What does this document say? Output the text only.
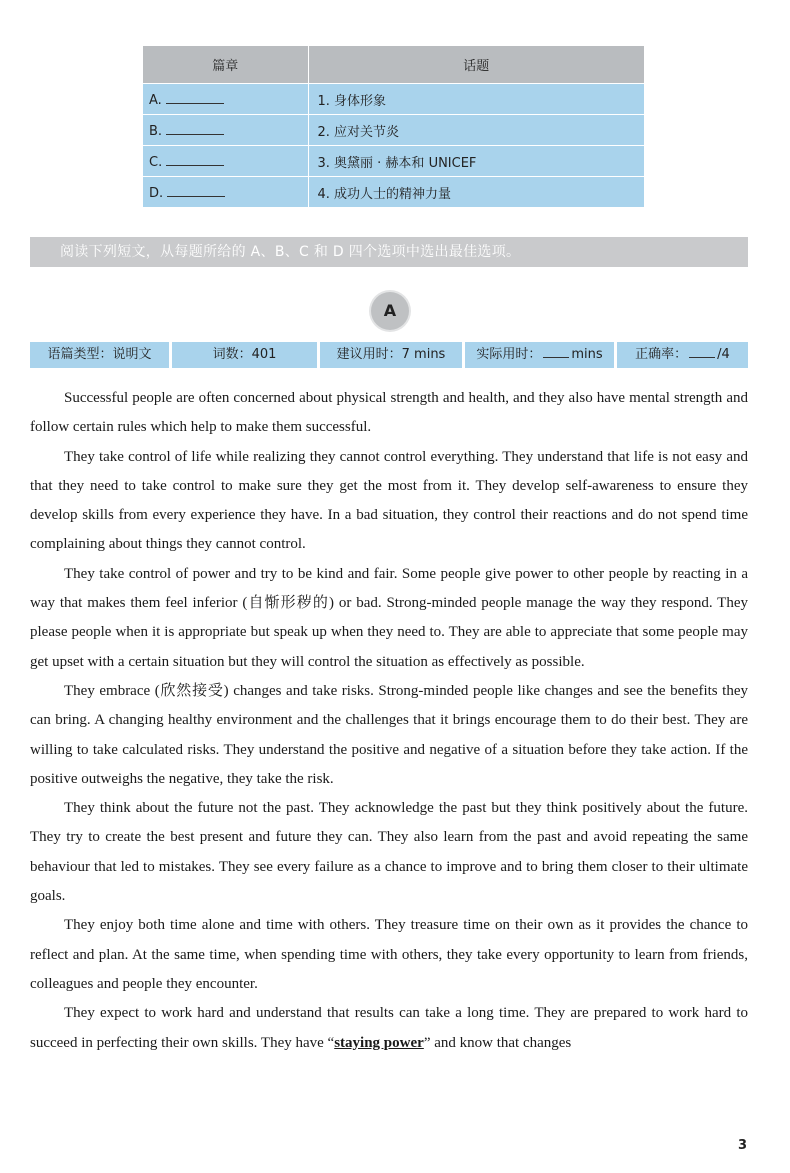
篇章	话题
A.	1. 身体形象
B.	2. 应对关节炎
C.	3. 奥黛丽 · 赫本和 UNICEF
D.	4. 成功人士的精神力量
阅读下列短文，从每题所给的 A、B、C 和 D 四个选项中选出最佳选项。
A
语篇类型：说明文	词数：401	建议用时：7 mins	实际用时： mins	正确率： /4

Successful people are often concerned about physical strength and health, and they also have mental strength and follow certain rules which help to make them successful.

They take control of life while realizing they cannot control everything. They understand that life is not easy and that they need to take control to make sure they get the most from it. They develop self-awareness to ensure they develop skills from every experience they have. In a bad situation, they control their reactions and do not spend time complaining about things they cannot control.

They take control of power and try to be kind and fair. Some people give power to other people by reacting in a way that makes them feel inferior (自惭形秽的) or bad. Strong-minded people manage the way they respond. They please people when it is appropriate but speak up when they need to. They are able to appreciate that some people may get upset with a certain situation but they will control the situation as effectively as possible.

They embrace (欣然接受) changes and take risks. Strong-minded people like changes and see the benefits they can bring. A changing healthy environment and the challenges that it brings encourage them to do their best. They are willing to take calculated risks. They understand the positive and negative of a situation before they take action. If the positive outweighs the negative, they take the risk.

They think about the future not the past. They acknowledge the past but they think positively about the future. They try to create the best present and future they can. They also learn from the past and avoid repeating the same behaviour that led to mistakes. They see every failure as a chance to improve and to bring them closer to their ultimate goals.

They enjoy both time alone and time with others. They treasure time on their own as it provides the chance to reflect and plan. At the same time, when spending time with others, they take every opportunity to learn from friends, colleagues and people they encounter.

They expect to work hard and understand that results can take a long time. They are prepared to work hard to succeed in perfecting their own skills. They have “staying power” and know that changes

3
